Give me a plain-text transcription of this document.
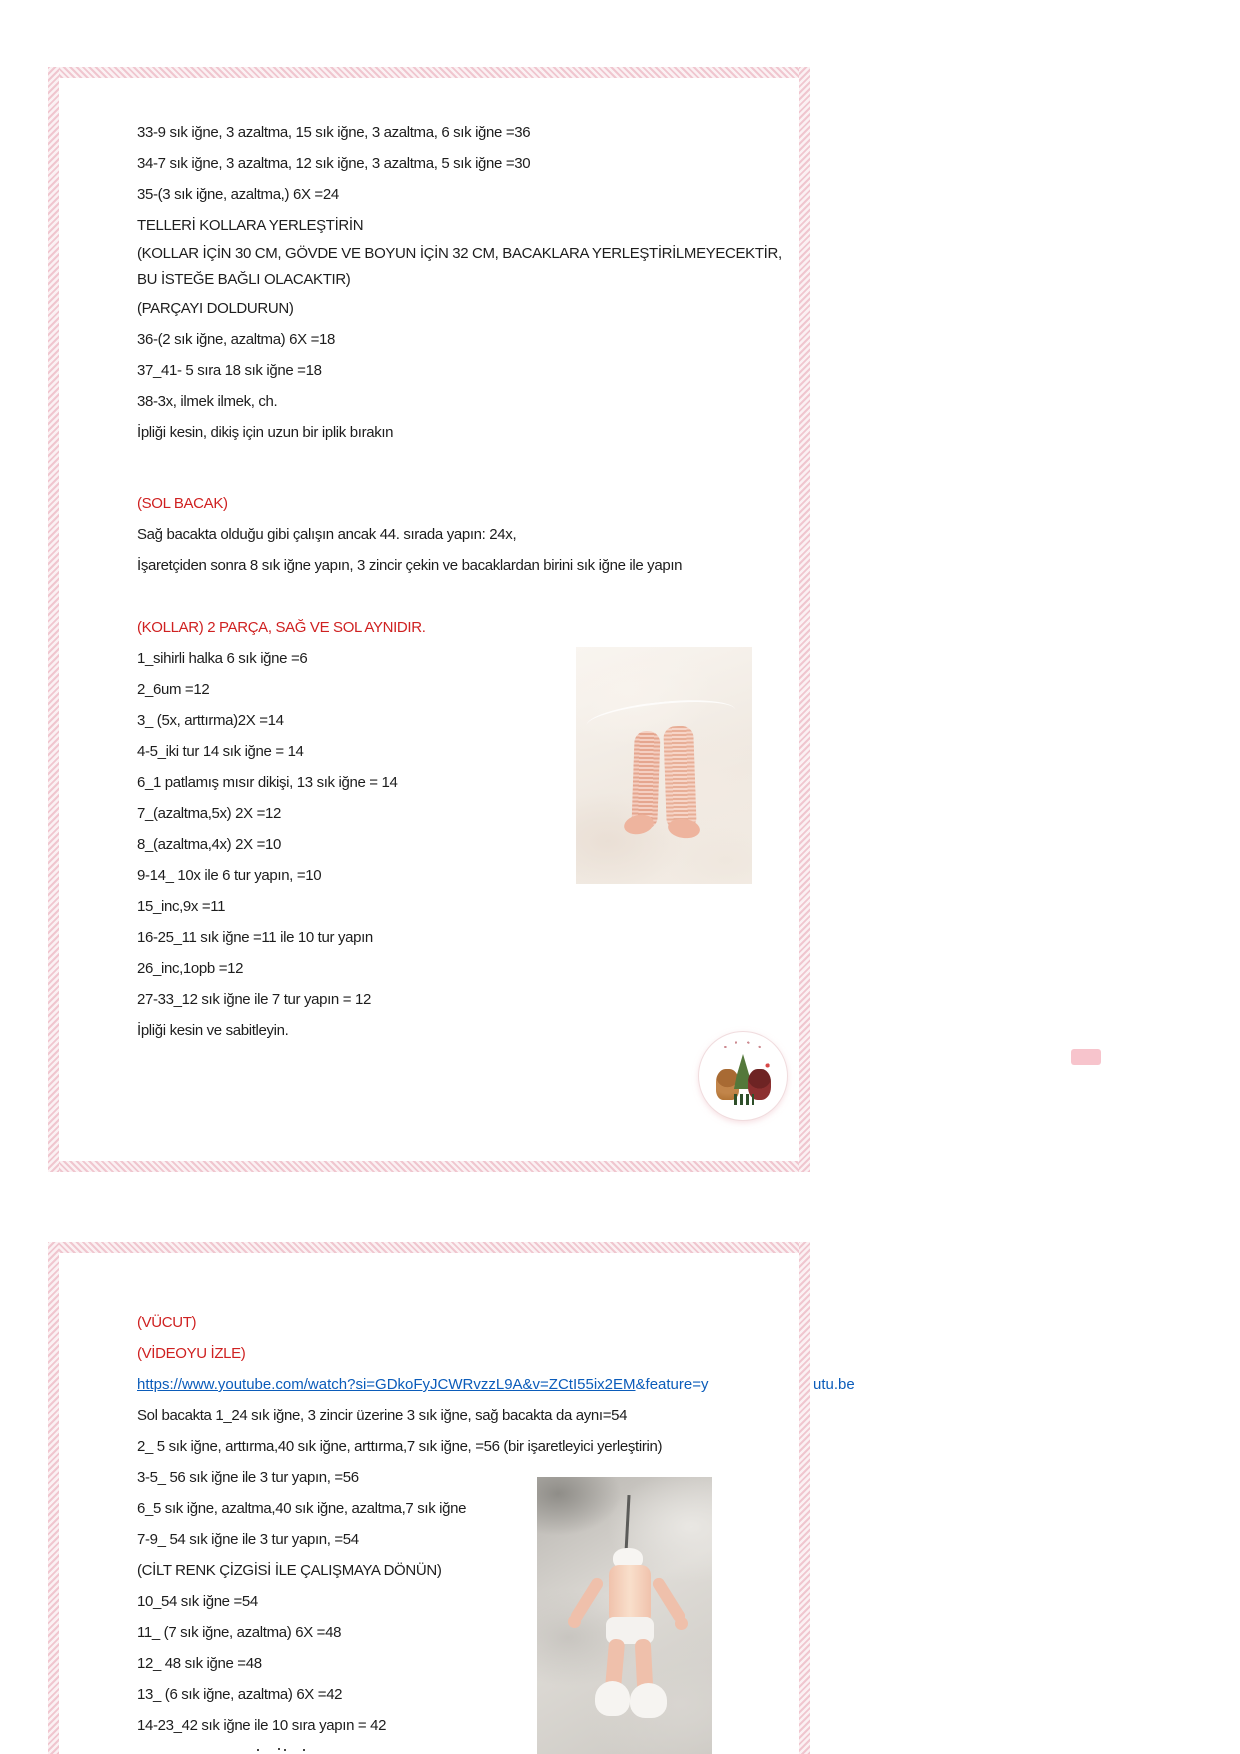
33-9 sık iğne, 3 azaltma, 15 sık iğne, 3 azaltma, 6 sık iğne =36
34-7 sık iğne, 3 azaltma, 12 sık iğne, 3 azaltma, 5 sık iğne =30
35-(3 sık iğne, azaltma,) 6X =24
TELLERİ KOLLARA YERLEŞTİRİN
(KOLLAR İÇİN 30 CM, GÖVDE VE BOYUN İÇİN 32 CM, BACAKLARA YERLEŞTİRİLMEYECEKTİR,
BU İSTEĞE BAĞLI OLACAKTIR)
(PARÇAYI DOLDURUN)
36-(2 sık iğne, azaltma) 6X =18
37_41- 5 sıra 18 sık iğne =18
38-3x, ilmek ilmek, ch.
İpliği kesin, dikiş için uzun bir iplik bırakın
(SOL BACAK)
Sağ bacakta olduğu gibi çalışın ancak 44. sırada yapın: 24x,
İşaretçiden sonra 8 sık iğne yapın, 3 zincir çekin ve bacaklardan birini sık iğne ile yapın
(KOLLAR) 2 PARÇA, SAĞ VE SOL AYNIDIR.
1_sihirli halka 6 sık iğne =6
2_6um =12
3_ (5x, arttırma)2X =14
4-5_iki tur 14 sık iğne = 14
6_1 patlamış mısır dikişi, 13 sık iğne = 14
7_(azaltma,5x) 2X =12
8_(azaltma,4x) 2X =10
9-14_ 10x ile 6 tur yapın, =10
15_inc,9x =11
16-25_11 sık iğne =11 ile 10 tur yapın
26_inc,1opb =12
27-33_12 sık iğne ile 7 tur yapın = 12
İpliği kesin ve sabitleyin.
(VÜCUT)
(VİDEOYU İZLE)
https://www.youtube.com/watch?si=GDkoFyJCWRvzzL9A&v=ZCtI55ix2EM&feature=y	utu.be
Sol bacakta 1_24 sık iğne, 3 zincir üzerine 3 sık iğne, sağ bacakta da aynı=54
2_ 5 sık iğne, arttırma,40 sık iğne, arttırma,7 sık iğne, =56 (bir işaretleyici yerleştirin)
3-5_ 56 sık iğne ile 3 tur yapın, =56
6_5 sık iğne, azaltma,40 sık iğne, azaltma,7 sık iğne
7-9_ 54 sık iğne ile 3 tur yapın, =54
(CİLT RENK ÇİZGİSİ İLE ÇALIŞMAYA DÖNÜN)
10_54 sık iğne =54
11_ (7 sık iğne, azaltma) 6X =48
12_ 48 sık iğne =48
13_ (6 sık iğne, azaltma) 6X =42
14-23_42 sık iğne ile 10 sıra yapın = 42
